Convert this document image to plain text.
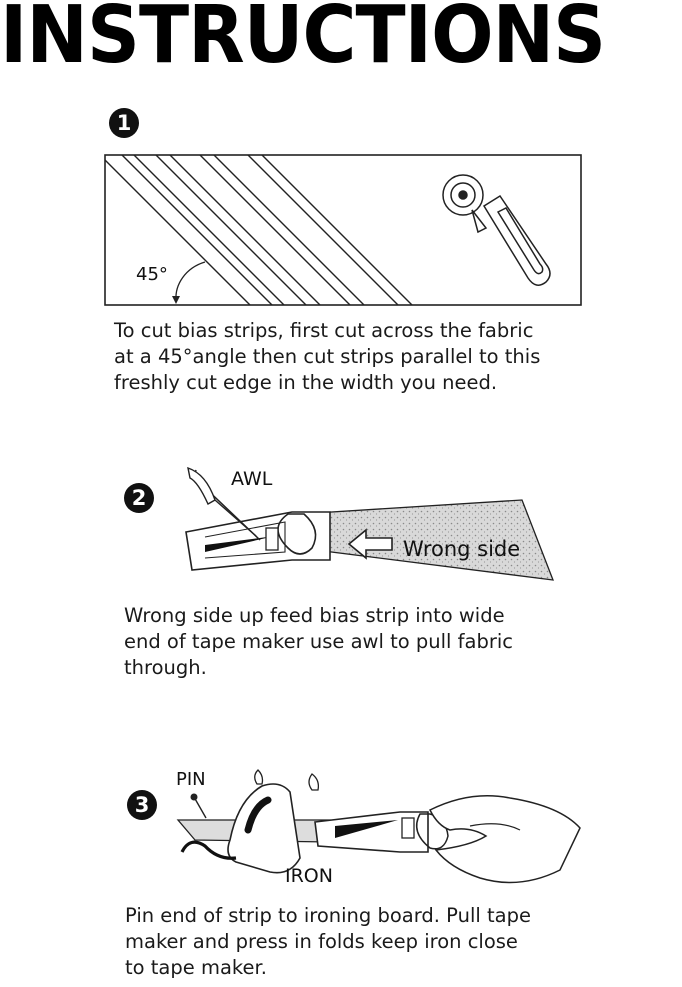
INSTRUCTIONS
1
45°
To cut bias strips, first cut across the fabric
at a 45°angle then cut strips parallel to this
freshly cut edge in the width you need.
2
AWL
Wrong side
Wrong side up feed bias strip into wide
end of tape maker use awl to pull fabric
through.
3
PIN
IRON
Pin end of strip to ironing board. Pull tape
maker and press in folds keep iron close
to tape maker.
